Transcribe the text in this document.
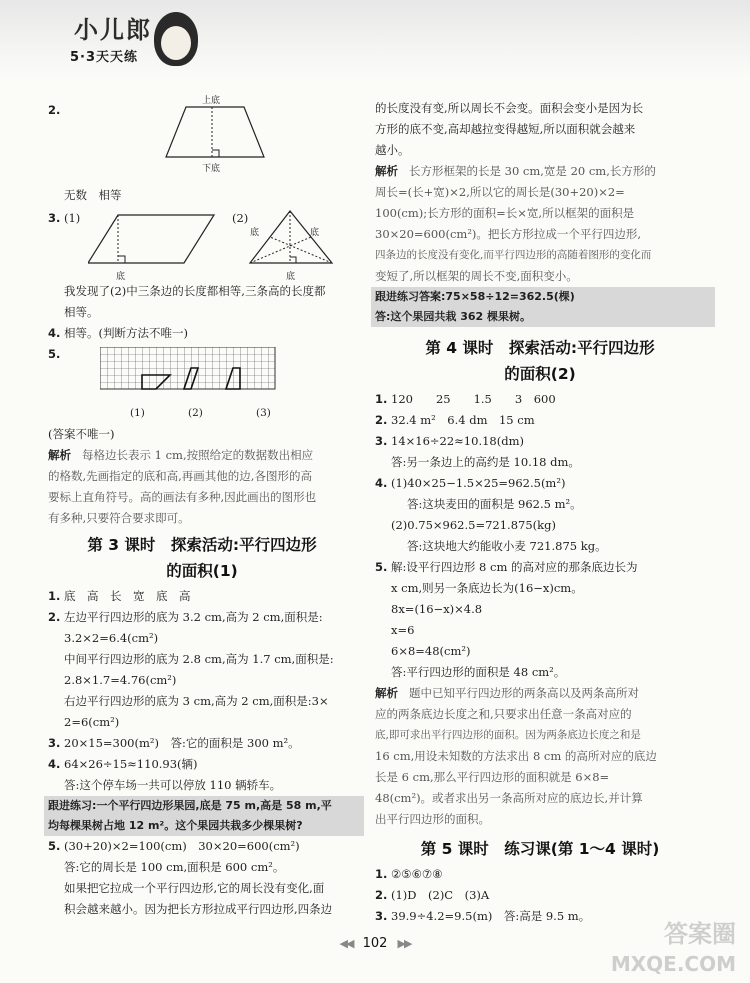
小儿郎
5·3天天练
2.
上底
下底
无数　相等
3. (1)	(2)
底
底	底
底
我发现了(2)中三条边的长度都相等,三条高的长度都
相等。
4. 相等。(判断方法不唯一)
5.
(1)	(2)	(3)
(答案不唯一)
解析 每格边长表示 1 cm,按照给定的数据数出相应
的格数,先画指定的底和高,再画其他的边,各图形的高
要标上直角符号。高的画法有多种,因此画出的图形也
有多种,只要符合要求即可。
第 3 课时　探索活动:平行四边形
的面积(1)
1. 底　高　长　宽　底　高
2. 左边平行四边形的底为 3.2 cm,高为 2 cm,面积是:
3.2×2=6.4(cm²)
中间平行四边形的底为 2.8 cm,高为 1.7 cm,面积是:
2.8×1.7=4.76(cm²)
右边平行四边形的底为 3 cm,高为 2 cm,面积是:3×
2=6(cm²)
3. 20×15=300(m²)　答:它的面积是 300 m²。
4. 64×26÷15≈110.93(辆)
答:这个停车场一共可以停放 110 辆轿车。
跟进练习:一个平行四边形果园,底是 75 m,高是 58 m,平
均每棵果树占地 12 m²。这个果园共栽多少棵果树?
5. (30+20)×2=100(cm)　30×20=600(cm²)
答:它的周长是 100 cm,面积是 600 cm²。
如果把它拉成一个平行四边形,它的周长没有变化,面
积会越来越小。因为把长方形拉成平行四边形,四条边
的长度没有变,所以周长不会变。面积会变小是因为长
方形的底不变,高却越拉变得越短,所以面积就会越来
越小。
解析 长方形框架的长是 30 cm,宽是 20 cm,长方形的
周长=(长+宽)×2,所以它的周长是(30+20)×2=
100(cm);长方形的面积=长×宽,所以框架的面积是
30×20=600(cm²)。把长方形拉成一个平行四边形,
四条边的长度没有变化,而平行四边形的高随着图形的变化而
变短了,所以框架的周长不变,面积变小。
跟进练习答案:75×58÷12=362.5(棵)
答:这个果园共栽 362 棵果树。
第 4 课时　探索活动:平行四边形
的面积(2)
1. 120　　25　　1.5　　3　600
2. 32.4 m²　6.4 dm　15 cm
3. 14×16÷22≈10.18(dm)
答:另一条边上的高约是 10.18 dm。
4. (1)40×25−1.5×25=962.5(m²)
答:这块麦田的面积是 962.5 m²。
(2)0.75×962.5=721.875(kg)
答:这块地大约能收小麦 721.875 kg。
5. 解:设平行四边形 8 cm 的高对应的那条底边长为
x cm,则另一条底边长为(16−x)cm。
8x=(16−x)×4.8
x=6
6×8=48(cm²)
答:平行四边形的面积是 48 cm²。
解析 题中已知平行四边形的两条高以及两条高所对
应的两条底边长度之和,只要求出任意一条高对应的
底,即可求出平行四边形的面积。因为两条底边长度之和是
16 cm,用设未知数的方法求出 8 cm 的高所对应的底边
长是 6 cm,那么平行四边形的面积就是 6×8=
48(cm²)。或者求出另一条高所对应的底边长,并计算
出平行四边形的面积。
第 5 课时　练习课(第 1～4 课时)
1. ②⑤⑥⑦⑧
2. (1)D　(2)C　(3)A
3. 39.9÷4.2=9.5(m)　答:高是 9.5 m。
◀◀ 102 ▶▶	答案圈
MXQE.COM
